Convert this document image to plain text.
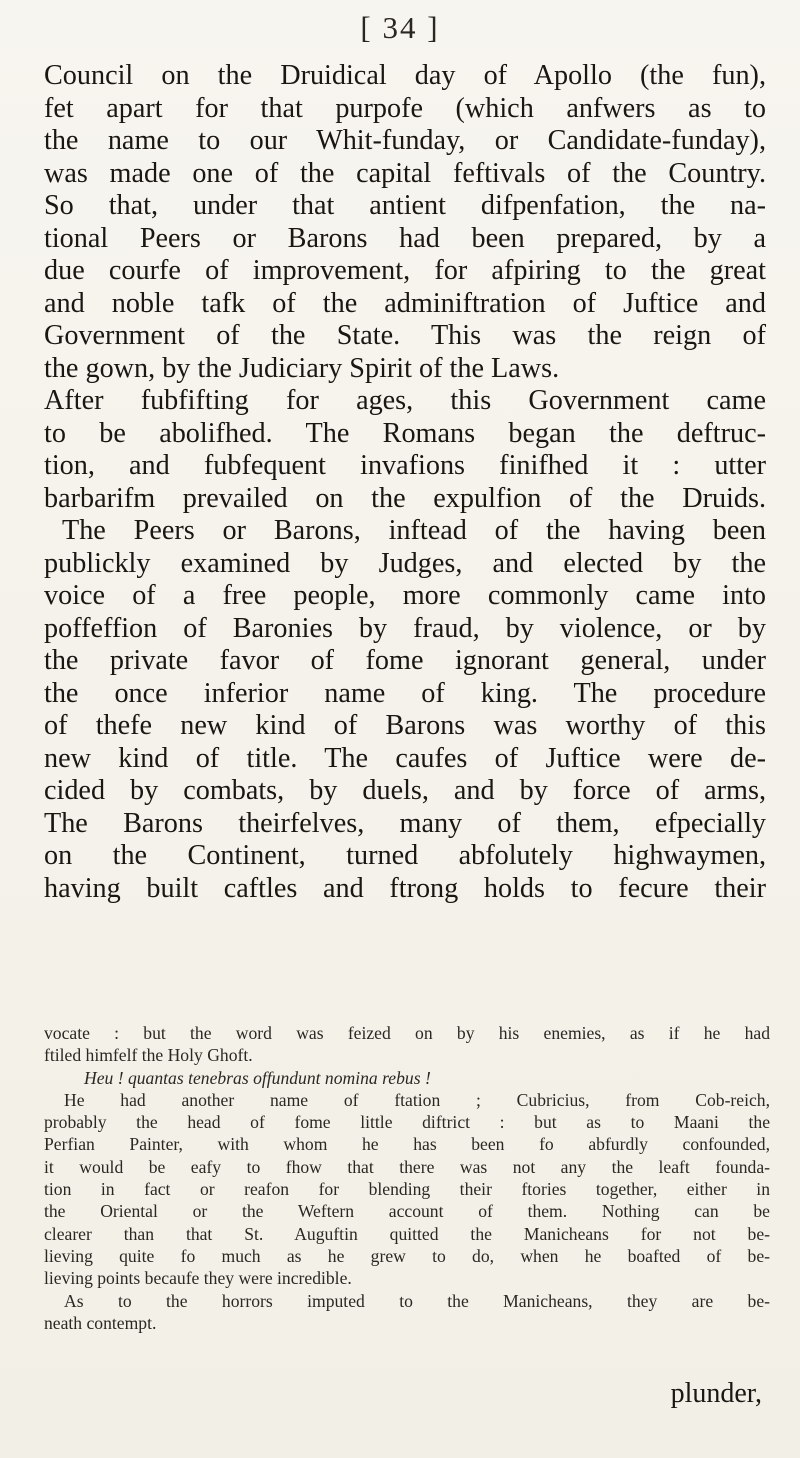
[ 34 ]
Council on the Druidical day of Apollo (the fun),
fet apart for that purpofe (which anfwers as to
the name to our Whit-funday, or Candidate-funday),
was made one of the capital feftivals of the Country.
So that, under that antient difpenfation, the na-
tional Peers or Barons had been prepared, by a
due courfe of improvement, for afpiring to the great
and noble tafk of the adminiftration of Juftice and
Government of the State. This was the reign of
the gown, by the Judiciary Spirit of the Laws.
After fubfifting for ages, this Government came
to be abolifhed. The Romans began the deftruc-
tion, and fubfequent invafions finifhed it : utter
barbarifm prevailed on the expulfion of the Druids.
The Peers or Barons, inftead of the having been
publickly examined by Judges, and elected by the
voice of a free people, more commonly came into
poffeffion of Baronies by fraud, by violence, or by
the private favor of fome ignorant general, under
the once inferior name of king. The procedure
of thefe new kind of Barons was worthy of this
new kind of title. The caufes of Juftice were de-
cided by combats, by duels, and by force of arms,
The Barons theirfelves, many of them, efpecially
on the Continent, turned abfolutely highwaymen,
having built caftles and ftrong holds to fecure their
vocate : but the word was feized on by his enemies, as if he had
ftiled himfelf the Holy Ghoft.
Heu ! quantas tenebras offundunt nomina rebus !
He had another name of ftation ; Cubricius, from Cob-reich,
probably the head of fome little diftrict : but as to Maani the
Perfian Painter, with whom he has been fo abfurdly confounded,
it would be eafy to fhow that there was not any the leaft founda-
tion in fact or reafon for blending their ftories together, either in
the Oriental or the Weftern account of them. Nothing can be
clearer than that St. Auguftin quitted the Manicheans for not be-
lieving quite fo much as he grew to do, when he boafted of be-
lieving points becaufe they were incredible.
As to the horrors imputed to the Manicheans, they are be-
neath contempt.
plunder,
